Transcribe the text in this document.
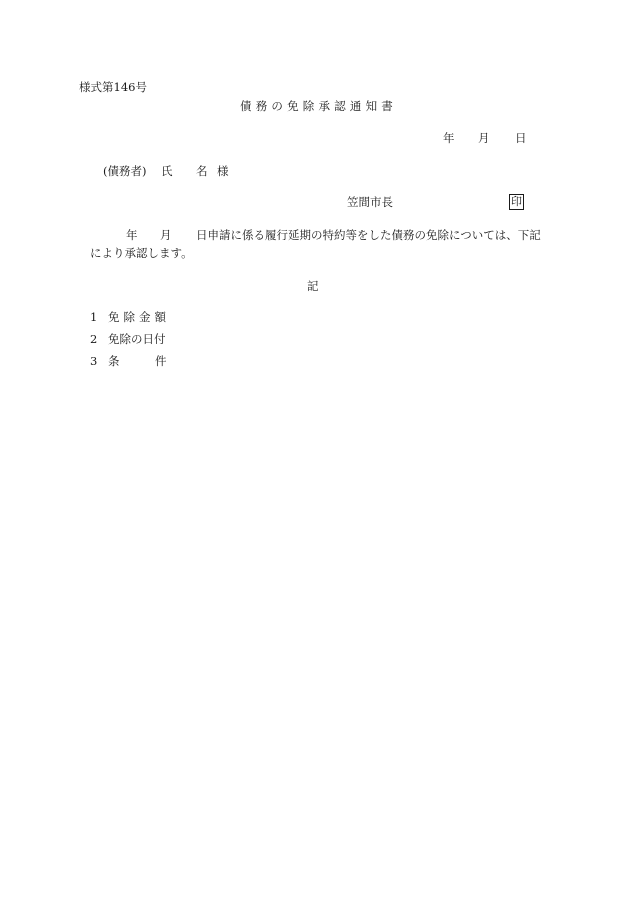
様式第146号
債務の免除承認通知書
年 月 日
(債務者) 氏 名 様
笠間市長	印
年 月 日申請に係る履行延期の特約等をした債務の免除については、下記
により承認します。
記
1 免除金額
2 免除の日付
3 条	件
